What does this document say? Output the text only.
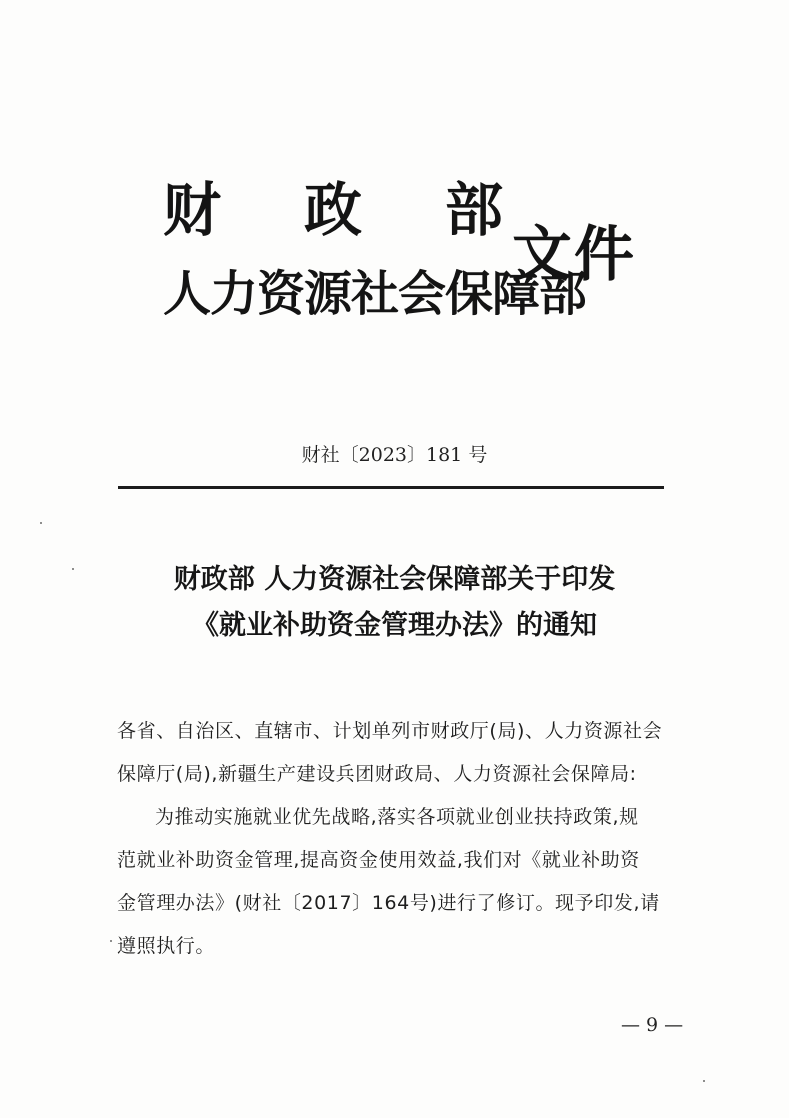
财 政 部
人力资源社会保障部
文件
财社〔2023〕181 号
财政部 人力资源社会保障部关于印发
《就业补助资金管理办法》的通知
各省、自治区、直辖市、计划单列市财政厅(局)、人力资源社会
保障厅(局),新疆生产建设兵团财政局、人力资源社会保障局:
为推动实施就业优先战略,落实各项就业创业扶持政策,规
范就业补助资金管理,提高资金使用效益,我们对《就业补助资
金管理办法》(财社〔2017〕164号)进行了修订。现予印发,请
遵照执行。
— 9 —
